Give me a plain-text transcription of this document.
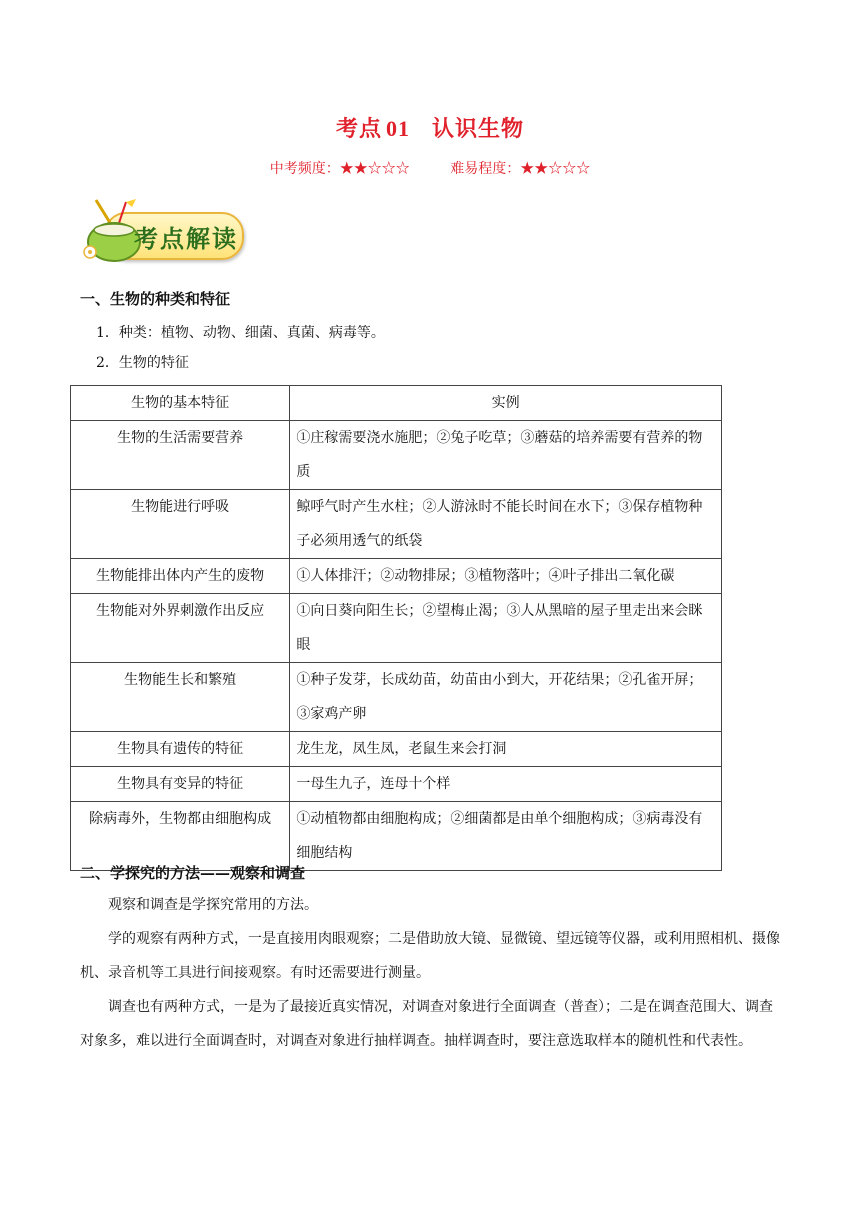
考点 01 认识生物
中考频度：★★☆☆☆	难易程度：★★☆☆☆
考点解读
一、生物的种类和特征
1．种类：植物、动物、细菌、真菌、病毒等。
2．生物的特征
生物的基本特征	实例
生物的生活需要营养	①庄稼需要浇水施肥；②兔子吃草；③蘑菇的培养需要有营养的物质
生物能进行呼吸	鲸呼气时产生水柱；②人游泳时不能长时间在水下；③保存植物种子必须用透气的纸袋
生物能排出体内产生的废物	①人体排汗；②动物排尿；③植物落叶；④叶子排出二氧化碳
生物能对外界刺激作出反应	①向日葵向阳生长；②望梅止渴；③人从黑暗的屋子里走出来会眯眼
生物能生长和繁殖	①种子发芽，长成幼苗，幼苗由小到大，开花结果；②孔雀开屏；③家鸡产卵
生物具有遗传的特征	龙生龙，凤生凤，老鼠生来会打洞
生物具有变异的特征	一母生九子，连母十个样
除病毒外，生物都由细胞构成	①动植物都由细胞构成；②细菌都是由单个细胞构成；③病毒没有细胞结构
二、学探究的方法——观察和调查
观察和调查是学探究常用的方法。
学的观察有两种方式，一是直接用肉眼观察；二是借助放大镜、显微镜、望远镜等仪器，或利用照相机、摄像机、录音机等工具进行间接观察。有时还需要进行测量。
调查也有两种方式，一是为了最接近真实情况，对调查对象进行全面调查（普查）；二是在调查范围大、调查对象多，难以进行全面调查时，对调查对象进行抽样调查。抽样调查时，要注意选取样本的随机性和代表性。
